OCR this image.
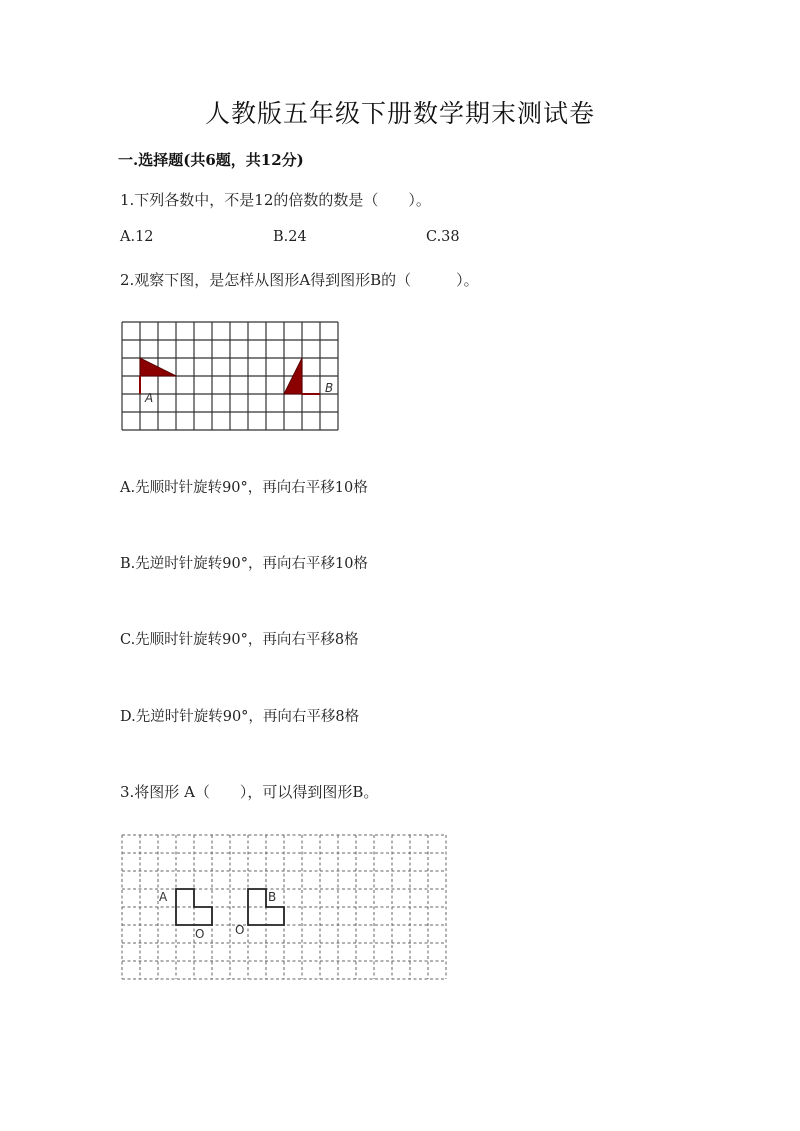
人教版五年级下册数学期末测试卷
一.选择题(共6题，共12分)
1.下列各数中，不是12的倍数的数是（　　）。
A.12	B.24	C.38
2.观察下图，是怎样从图形A得到图形B的（　　　）。
A
B
A.先顺时针旋转90°，再向右平移10格
B.先逆时针旋转90°，再向右平移10格
C.先顺时针旋转90°，再向右平移8格
D.先逆时针旋转90°，再向右平移8格
3.将图形 A（　　），可以得到图形B。
A	B
O	O
